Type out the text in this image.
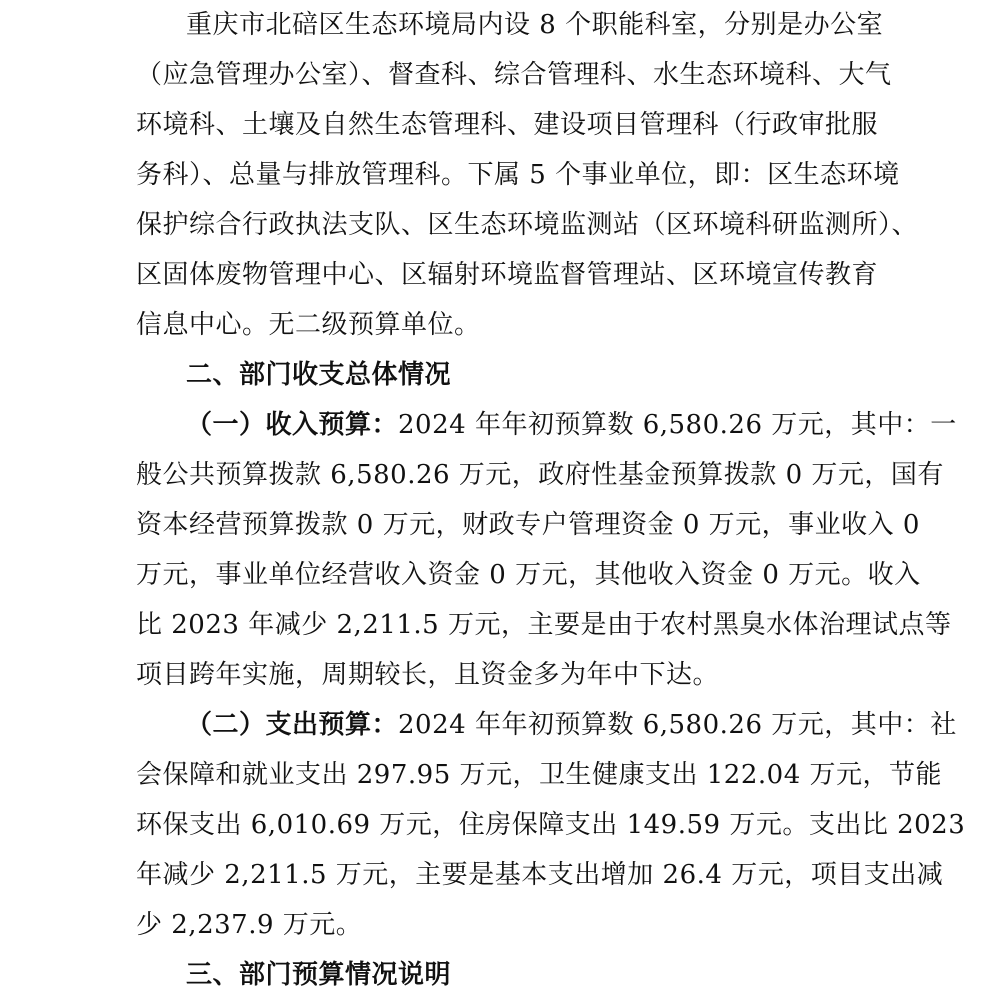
重庆市北碚区生态环境局内设 8 个职能科室，分别是办公室
（应急管理办公室）、督查科、综合管理科、水生态环境科、大气
环境科、土壤及自然生态管理科、建设项目管理科（行政审批服
务科）、总量与排放管理科。下属 5 个事业单位，即：区生态环境
保护综合行政执法支队、区生态环境监测站（区环境科研监测所）、
区固体废物管理中心、区辐射环境监督管理站、区环境宣传教育
信息中心。无二级预算单位。
二、部门收支总体情况
（一）收入预算：2024 年年初预算数 6,580.26 万元，其中：一
般公共预算拨款 6,580.26 万元，政府性基金预算拨款 0 万元，国有
资本经营预算拨款 0 万元，财政专户管理资金 0 万元，事业收入 0
万元，事业单位经营收入资金 0 万元，其他收入资金 0 万元。收入
比 2023 年减少 2,211.5 万元，主要是由于农村黑臭水体治理试点等
项目跨年实施，周期较长，且资金多为年中下达。
（二）支出预算：2024 年年初预算数 6,580.26 万元，其中：社
会保障和就业支出 297.95 万元，卫生健康支出 122.04 万元，节能
环保支出 6,010.69 万元，住房保障支出 149.59 万元。支出比 2023
年减少 2,211.5 万元，主要是基本支出增加 26.4 万元，项目支出减
少 2,237.9 万元。
三、部门预算情况说明
